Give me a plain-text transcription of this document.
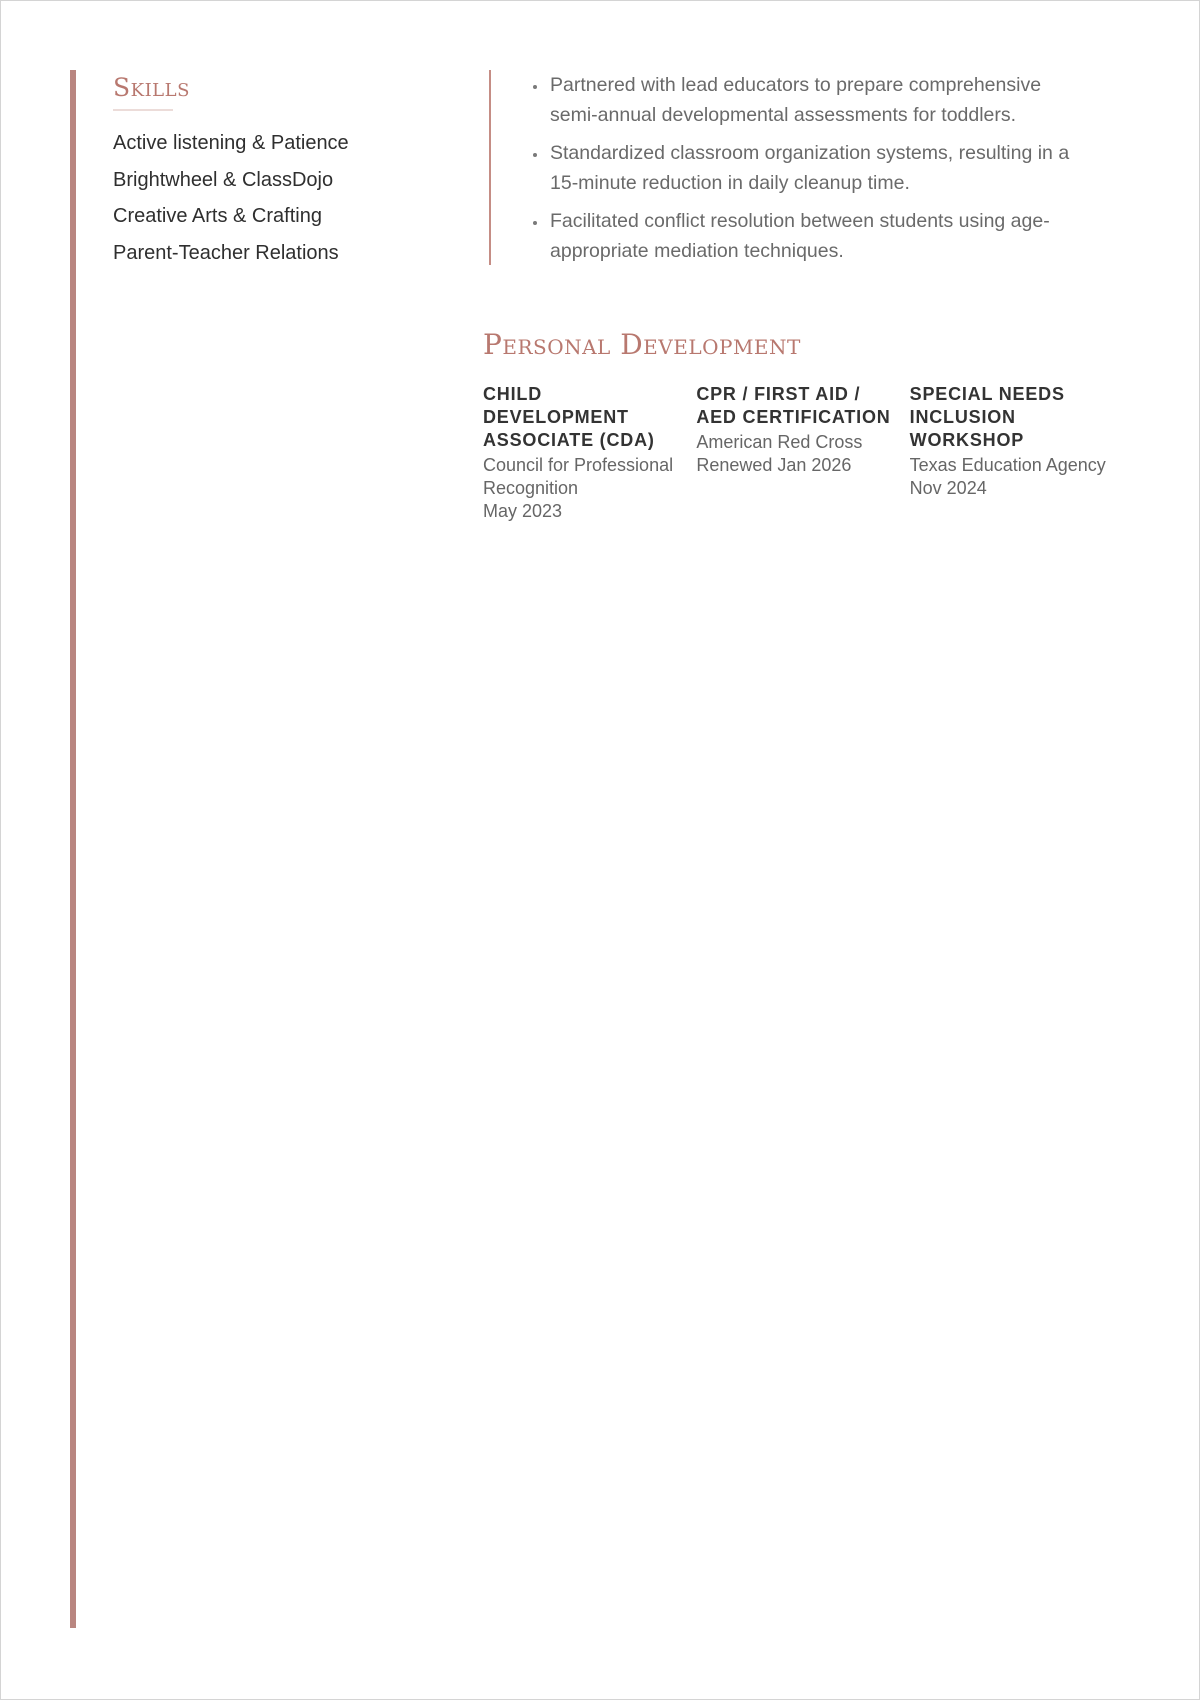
Skills
Active listening & Patience
Brightwheel & ClassDojo
Creative Arts & Crafting
Parent-Teacher Relations
• Partnered with lead educators to prepare comprehensive semi-annual developmental assessments for toddlers.
• Standardized classroom organization systems, resulting in a 15-minute reduction in daily cleanup time.
• Facilitated conflict resolution between students using age-appropriate mediation techniques.
Personal Development
CHILD DEVELOPMENT ASSOCIATE (CDA)
Council for Professional Recognition
May 2023
CPR / FIRST AID / AED CERTIFICATION
American Red Cross
Renewed Jan 2026
SPECIAL NEEDS INCLUSION WORKSHOP
Texas Education Agency
Nov 2024
